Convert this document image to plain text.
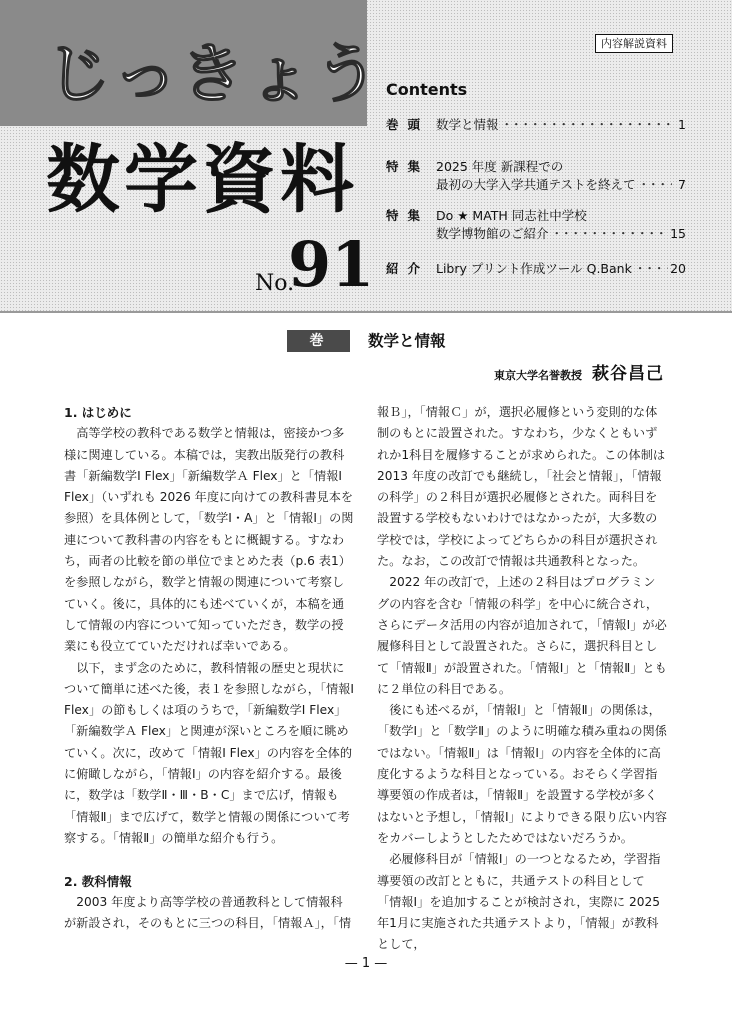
じっきょう
数学資料
No.
91
内容解説資料
Contents
巻頭 数学と情報 ・・・・・・・・・・・・・・・・・・・・・・・・・・・・・・・・・・・・・・・・・・・・・・・・	1
特集 2025 年度 新課程での
最初の大学入学共通テストを終えて ・・・・・・・・・・・・・・・・・・・・・・・・・・・・・・・・・・・・・・・・・・・・・・・・	7
特集 Do ★ MATH 同志社中学校
数学博物館のご紹介 ・・・・・・・・・・・・・・・・・・・・・・・・・・・・・・・・・・・・・・・・・・・・・・・・	15
紹介 Libry プリント作成ツール Q.Bank ・・・・・・・・・・・・・・・・・・・・・・・・・・・・・・・・・・・・・・・・・・・・・・・・	20
巻頭
数学と情報
東京大学名誉教授 萩谷昌己
1. はじめに
高等学校の教科である数学と情報は，密接かつ多様に関連している。本稿では，実教出版発行の教科書「新編数学Ⅰ Flex」「新編数学Ａ Flex」と「情報Ⅰ Flex」（いずれも 2026 年度に向けての教科書見本を参照）を具体例として，「数学Ⅰ・A」と「情報Ⅰ」の関連について教科書の内容をもとに概観する。すなわち，両者の比較を節の単位でまとめた表（p.6 表1）を参照しながら，数学と情報の関連について考察していく。後に，具体的にも述べていくが，本稿を通して情報の内容について知っていただき，数学の授業にも役立てていただければ幸いである。
以下，まず念のために，教科情報の歴史と現状について簡単に述べた後，表１を参照しながら，「情報Ⅰ Flex」の節もしくは項のうちで，「新編数学Ⅰ Flex」「新編数学Ａ Flex」と関連が深いところを順に眺めていく。次に，改めて「情報Ⅰ Flex」の内容を全体的に俯瞰しながら，「情報Ⅰ」の内容を紹介する。最後に，数学は「数学Ⅱ・Ⅲ・B・C」まで広げ，情報も「情報Ⅱ」まで広げて，数学と情報の関係について考察する。「情報Ⅱ」の簡単な紹介も行う。
2. 教科情報
2003 年度より高等学校の普通教科として情報科が新設され，そのもとに三つの科目，「情報Ａ」，「情
報Ｂ」，「情報Ｃ」が，選択必履修という変則的な体制のもとに設置された。すなわち，少なくともいずれか1科目を履修することが求められた。この体制は 2013 年度の改訂でも継続し，「社会と情報」，「情報の科学」の２科目が選択必履修とされた。両科目を設置する学校もないわけではなかったが，大多数の学校では，学校によってどちらかの科目が選択された。なお，この改訂で情報は共通教科となった。
2022 年の改訂で，上述の２科目はプログラミングの内容を含む「情報の科学」を中心に統合され，さらにデータ活用の内容が追加されて，「情報Ⅰ」が必履修科目として設置された。さらに，選択科目として「情報Ⅱ」が設置された。「情報Ⅰ」と「情報Ⅱ」ともに２単位の科目である。
後にも述べるが，「情報Ⅰ」と「情報Ⅱ」の関係は，「数学Ⅰ」と「数学Ⅱ」のように明確な積み重ねの関係ではない。「情報Ⅱ」は「情報Ⅰ」の内容を全体的に高度化するような科目となっている。おそらく学習指導要領の作成者は，「情報Ⅱ」を設置する学校が多くはないと予想し，「情報Ⅰ」によりできる限り広い内容をカバーしようとしたためではないだろうか。
必履修科目が「情報Ⅰ」の一つとなるため，学習指導要領の改訂とともに，共通テストの科目として「情報Ⅰ」を追加することが検討され，実際に 2025 年1月に実施された共通テストより，「情報」が教科として，
— 1 —
